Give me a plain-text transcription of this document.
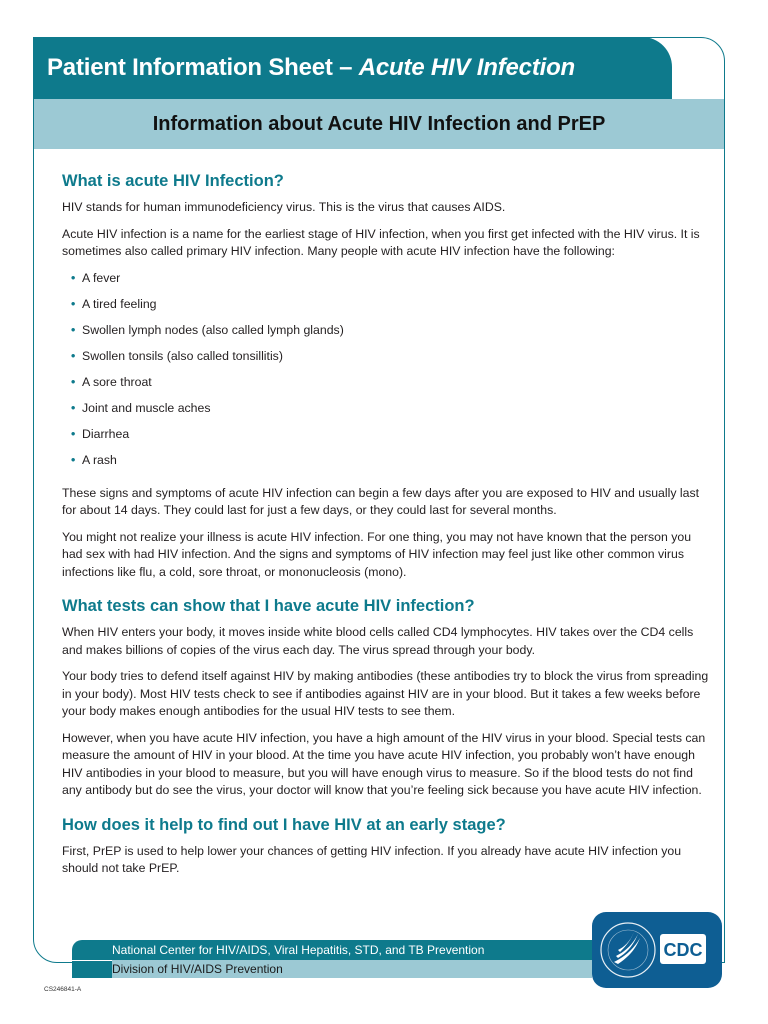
Patient Information Sheet – Acute HIV Infection
Information about Acute HIV Infection and PrEP
What is acute HIV Infection?

HIV stands for human immunodeficiency virus. This is the virus that causes AIDS.

Acute HIV infection is a name for the earliest stage of HIV infection, when you first get infected with the HIV virus. It is sometimes also called primary HIV infection. Many people with acute HIV infection have the following:

• A fever
• A tired feeling
• Swollen lymph nodes (also called lymph glands)
• Swollen tonsils (also called tonsillitis)
• A sore throat
• Joint and muscle aches
• Diarrhea
• A rash

These signs and symptoms of acute HIV infection can begin a few days after you are exposed to HIV and usually last for about 14 days. They could last for just a few days, or they could last for several months.

You might not realize your illness is acute HIV infection. For one thing, you may not have known that the person you had sex with had HIV infection. And the signs and symptoms of HIV infection may feel just like other common virus infections like flu, a cold, sore throat, or mononucleosis (mono).

What tests can show that I have acute HIV infection?

When HIV enters your body, it moves inside white blood cells called CD4 lymphocytes. HIV takes over the CD4 cells and makes billions of copies of the virus each day. The virus spread through your body.

Your body tries to defend itself against HIV by making antibodies (these antibodies try to block the virus from spreading in your body). Most HIV tests check to see if antibodies against HIV are in your blood. But it takes a few weeks before your body makes enough antibodies for the usual HIV tests to see them.

However, when you have acute HIV infection, you have a high amount of the HIV virus in your blood. Special tests can measure the amount of HIV in your blood. At the time you have acute HIV infection, you probably won’t have enough HIV antibodies in your blood to measure, but you will have enough virus to measure. So if the blood tests do not find any antibody but do see the virus, your doctor will know that you’re feeling sick because you have acute HIV infection.

How does it help to find out I have HIV at an early stage?

First, PrEP is used to help lower your chances of getting HIV infection. If you already have acute HIV infection you should not take PrEP.

National Center for HIV/AIDS, Viral Hepatitis, STD, and TB Prevention
Division of HIV/AIDS Prevention
CDC
CS246841-A
